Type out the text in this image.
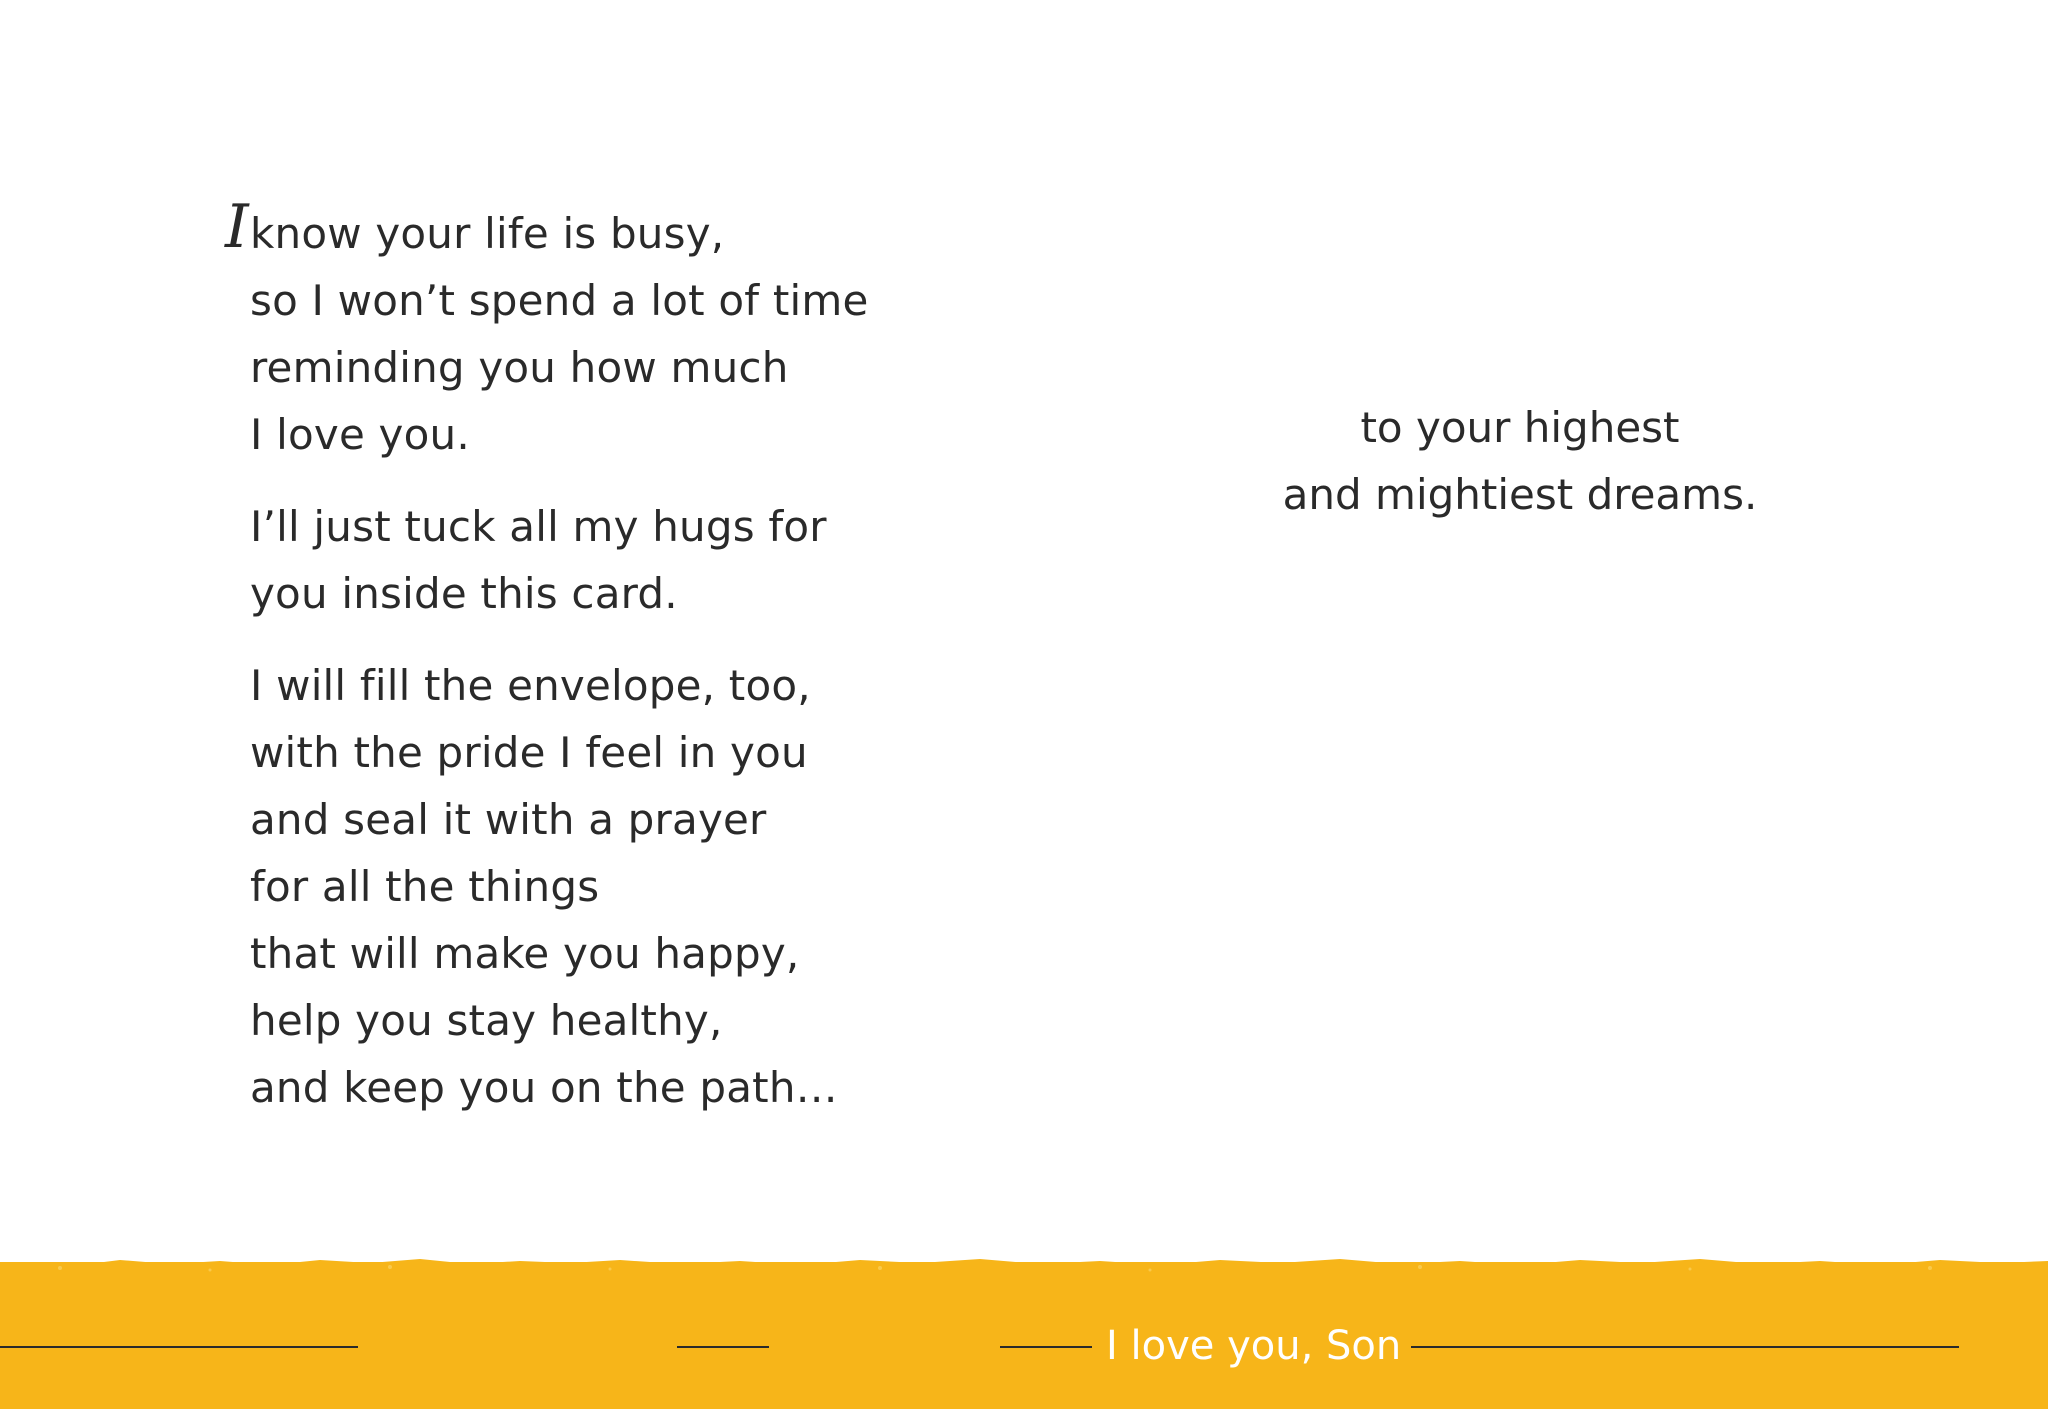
I know your life is busy,
so I won’t spend a lot of time
reminding you how much
I love you.
I’ll just tuck all my hugs for
you inside this card.
I will fill the envelope, too,
with the pride I feel in you
and seal it with a prayer
for all the things
that will make you happy,
help you stay healthy,
and keep you on the path…
to your highest
and mightiest dreams.
I love you, Son
